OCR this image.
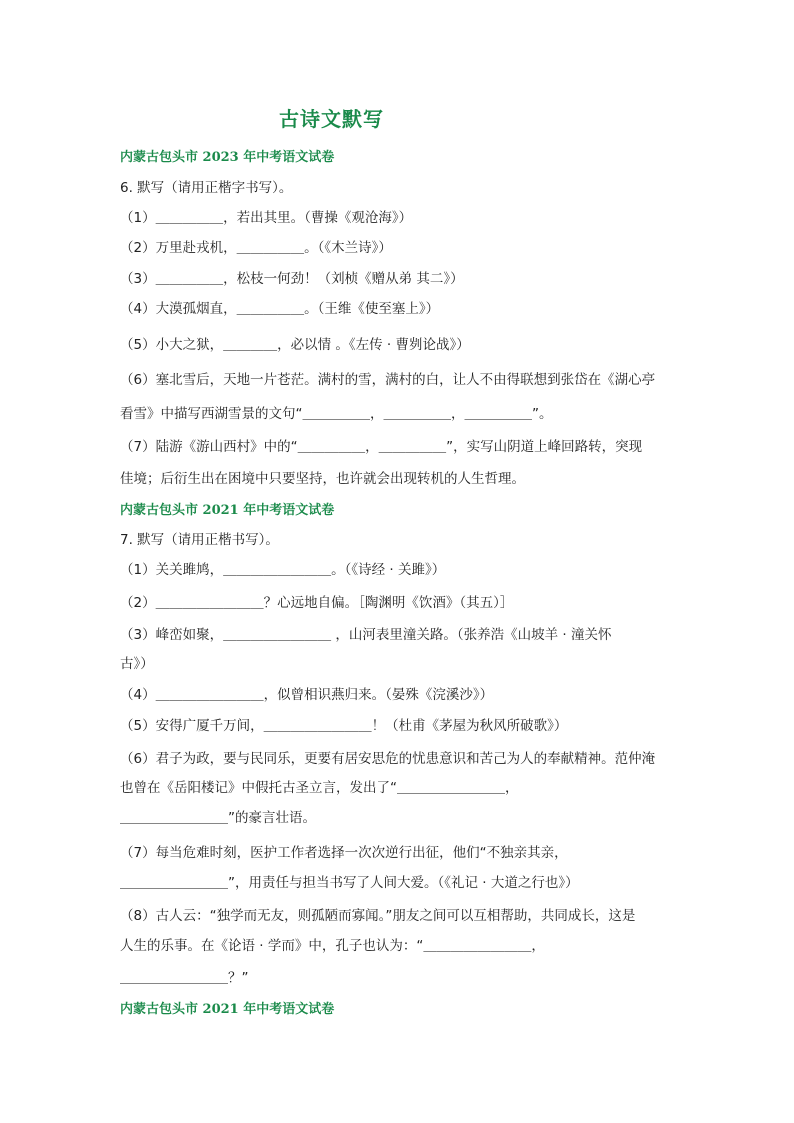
古诗文默写
内蒙古包头市 2023 年中考语文试卷
6. 默写（请用正楷字书写）。
（1）＿＿＿＿＿，若出其里。（曹操《观沧海》）
（2）万里赴戎机，＿＿＿＿＿。（《木兰诗》）
（3）＿＿＿＿＿，松枝一何劲！（刘桢《赠从弟 其二》）
（4）大漠孤烟直，＿＿＿＿＿。（王维《使至塞上》）
（5）小大之狱，＿＿＿＿，必以情 。《左传 · 曹刿论战》）
（6）塞北雪后，天地一片苍茫。满村的雪，满村的白，让人不由得联想到张岱在《湖心亭
看雪》中描写西湖雪景的文句“＿＿＿＿＿，＿＿＿＿＿，＿＿＿＿＿”。
（7）陆游《游山西村》中的“＿＿＿＿＿，＿＿＿＿＿”，实写山阴道上峰回路转，突现
佳境；后衍生出在困境中只要坚持，也许就会出现转机的人生哲理。
内蒙古包头市 2021 年中考语文试卷
7. 默写（请用正楷书写）。
（1）关关雎鸠，＿＿＿＿＿＿＿＿。（《诗经 · 关雎》）
（2）＿＿＿＿＿＿＿＿？心远地自偏。［陶渊明《饮酒》（其五）］
（3）峰峦如聚，＿＿＿＿＿＿＿＿ ，山河表里潼关路。（张养浩《山坡羊 · 潼关怀
古》）
（4）＿＿＿＿＿＿＿＿，似曾相识燕归来。（晏殊《浣溪沙》）
（5）安得广厦千万间，＿＿＿＿＿＿＿＿！（杜甫《茅屋为秋风所破歌》）
（6）君子为政，要与民同乐，更要有居安思危的忧患意识和苦己为人的奉献精神。范仲淹
也曾在《岳阳楼记》中假托古圣立言，发出了“＿＿＿＿＿＿＿＿，
＿＿＿＿＿＿＿＿”的豪言壮语。
（7）每当危难时刻，医护工作者选择一次次逆行出征，他们“不独亲其亲，
＿＿＿＿＿＿＿＿”，用责任与担当书写了人间大爱。（《礼记 · 大道之行也》）
（8）古人云：“独学而无友，则孤陋而寡闻。”朋友之间可以互相帮助，共同成长，这是
人生的乐事。在《论语 · 学而》中，孔子也认为：“＿＿＿＿＿＿＿＿，
＿＿＿＿＿＿＿＿？”
内蒙古包头市 2021 年中考语文试卷
